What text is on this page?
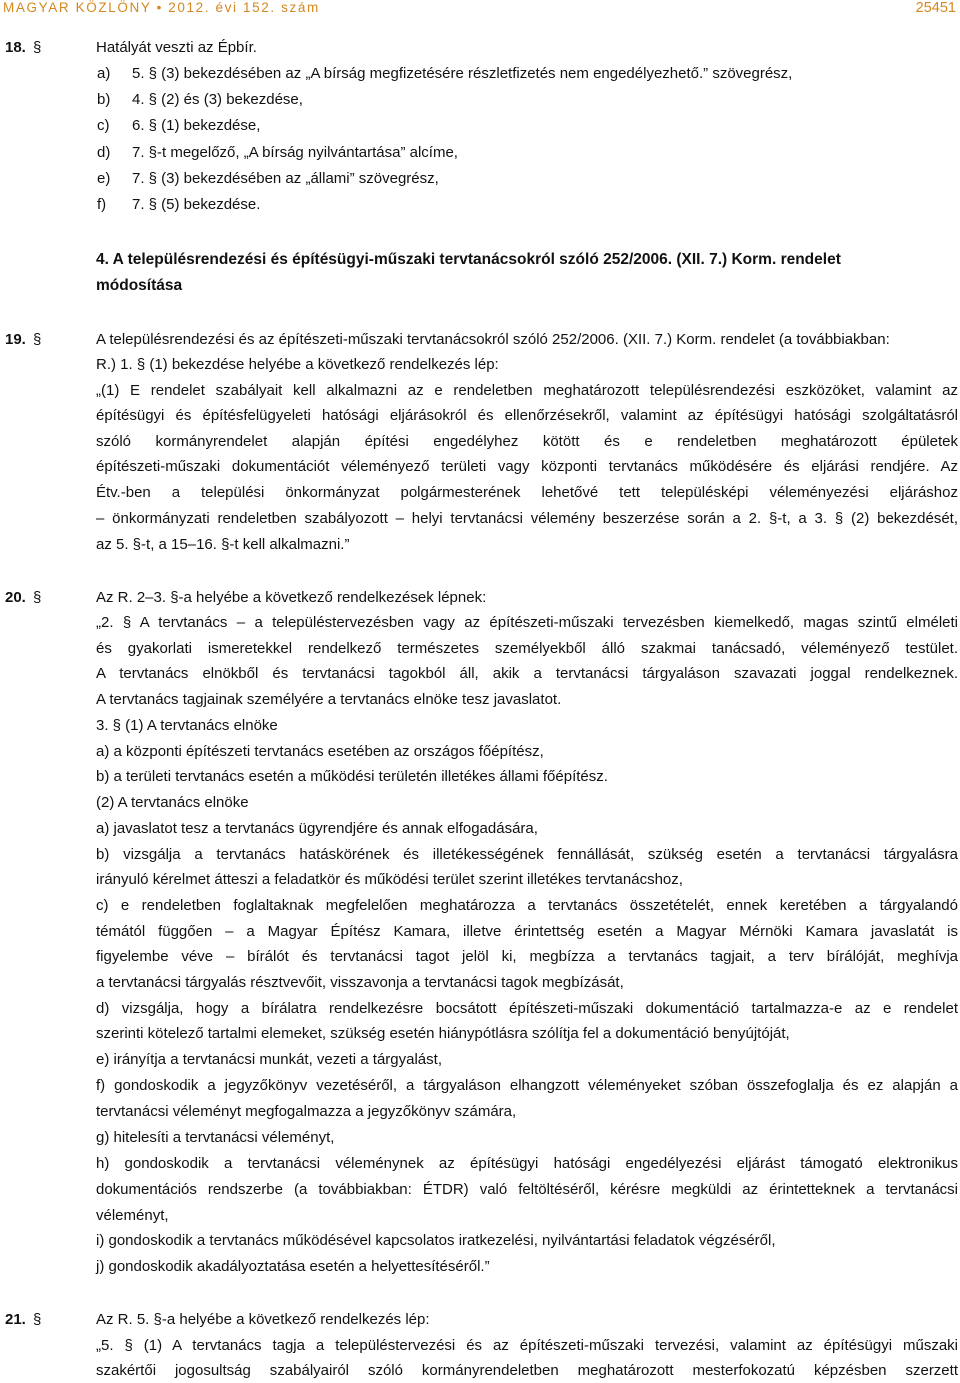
MAGYAR KÖZLÖNY • 2012. évi 152. szám	25451
18. §	Hatályát veszti az Épbír.
a) 5. § (3) bekezdésében az „A bírság megfizetésére részletfizetés nem engedélyezhető.” szövegrész,
b) 4. § (2) és (3) bekezdése,
c) 6. § (1) bekezdése,
d) 7. §-t megelőző, „A bírság nyilvántartása” alcíme,
e) 7. § (3) bekezdésében az „állami” szövegrész,
f) 7. § (5) bekezdése.
4. A településrendezési és építésügyi-műszaki tervtanácsokról szóló 252/2006. (XII. 7.) Korm. rendelet
módosítása
19. §	A településrendezési és az építészeti-műszaki tervtanácsokról szóló 252/2006. (XII. 7.) Korm. rendelet (a továbbiakban:
R.) 1. § (1) bekezdése helyébe a következő rendelkezés lép:
„(1) E rendelet szabályait kell alkalmazni az e rendeletben meghatározott településrendezési eszközöket, valamint az
építésügyi és építésfelügyeleti hatósági eljárásokról és ellenőrzésekről, valamint az építésügyi hatósági szolgáltatásról
szóló kormányrendelet alapján építési engedélyhez kötött és e rendeletben meghatározott épületek
építészeti-műszaki dokumentációt véleményező területi vagy központi tervtanács működésére és eljárási rendjére. Az
Étv.-ben a települési önkormányzat polgármesterének lehetővé tett településképi véleményezési eljáráshoz
– önkormányzati rendeletben szabályozott – helyi tervtanácsi vélemény beszerzése során a 2. §-t, a 3. § (2) bekezdését,
az 5. §-t, a 15–16. §-t kell alkalmazni.”
20. §	Az R. 2–3. §-a helyébe a következő rendelkezések lépnek:
„2. § A tervtanács – a településtervezésben vagy az építészeti-műszaki tervezésben kiemelkedő, magas szintű elméleti
és gyakorlati ismeretekkel rendelkező természetes személyekből álló szakmai tanácsadó, véleményező testület.
A tervtanács elnökből és tervtanácsi tagokból áll, akik a tervtanácsi tárgyaláson szavazati joggal rendelkeznek.
A tervtanács tagjainak személyére a tervtanács elnöke tesz javaslatot.
3. § (1) A tervtanács elnöke
a) a központi építészeti tervtanács esetében az országos főépítész,
b) a területi tervtanács esetén a működési területén illetékes állami főépítész.
(2) A tervtanács elnöke
a) javaslatot tesz a tervtanács ügyrendjére és annak elfogadására,
b) vizsgálja a tervtanács hatáskörének és illetékességének fennállását, szükség esetén a tervtanácsi tárgyalásra
irányuló kérelmet átteszi a feladatkör és működési terület szerint illetékes tervtanácshoz,
c) e rendeletben foglaltaknak megfelelően meghatározza a tervtanács összetételét, ennek keretében a tárgyalandó
témától függően – a Magyar Építész Kamara, illetve érintettség esetén a Magyar Mérnöki Kamara javaslatát is
figyelembe véve – bírálót és tervtanácsi tagot jelöl ki, megbízza a tervtanács tagjait, a terv bírálóját, meghívja
a tervtanácsi tárgyalás résztvevőit, visszavonja a tervtanácsi tagok megbízását,
d) vizsgálja, hogy a bírálatra rendelkezésre bocsátott építészeti-műszaki dokumentáció tartalmazza-e az e rendelet
szerinti kötelező tartalmi elemeket, szükség esetén hiánypótlásra szólítja fel a dokumentáció benyújtóját,
e) irányítja a tervtanácsi munkát, vezeti a tárgyalást,
f) gondoskodik a jegyzőkönyv vezetéséről, a tárgyaláson elhangzott véleményeket szóban összefoglalja és ez alapján a
tervtanácsi véleményt megfogalmazza a jegyzőkönyv számára,
g) hitelesíti a tervtanácsi véleményt,
h) gondoskodik a tervtanácsi véleménynek az építésügyi hatósági engedélyezési eljárást támogató elektronikus
dokumentációs rendszerbe (a továbbiakban: ÉTDR) való feltöltéséről, kérésre megküldi az érintetteknek a tervtanácsi
véleményt,
i) gondoskodik a tervtanács működésével kapcsolatos iratkezelési, nyilvántartási feladatok végzéséről,
j) gondoskodik akadályoztatása esetén a helyettesítéséről.”
21. §	Az R. 5. §-a helyébe a következő rendelkezés lép:
„5. § (1) A tervtanács tagja a településtervezési és az építészeti-műszaki tervezési, valamint az építésügyi műszaki
szakértői jogosultság szabályairól szóló kormányrendeletben meghatározott mesterfokozatú képzésben szerzett
